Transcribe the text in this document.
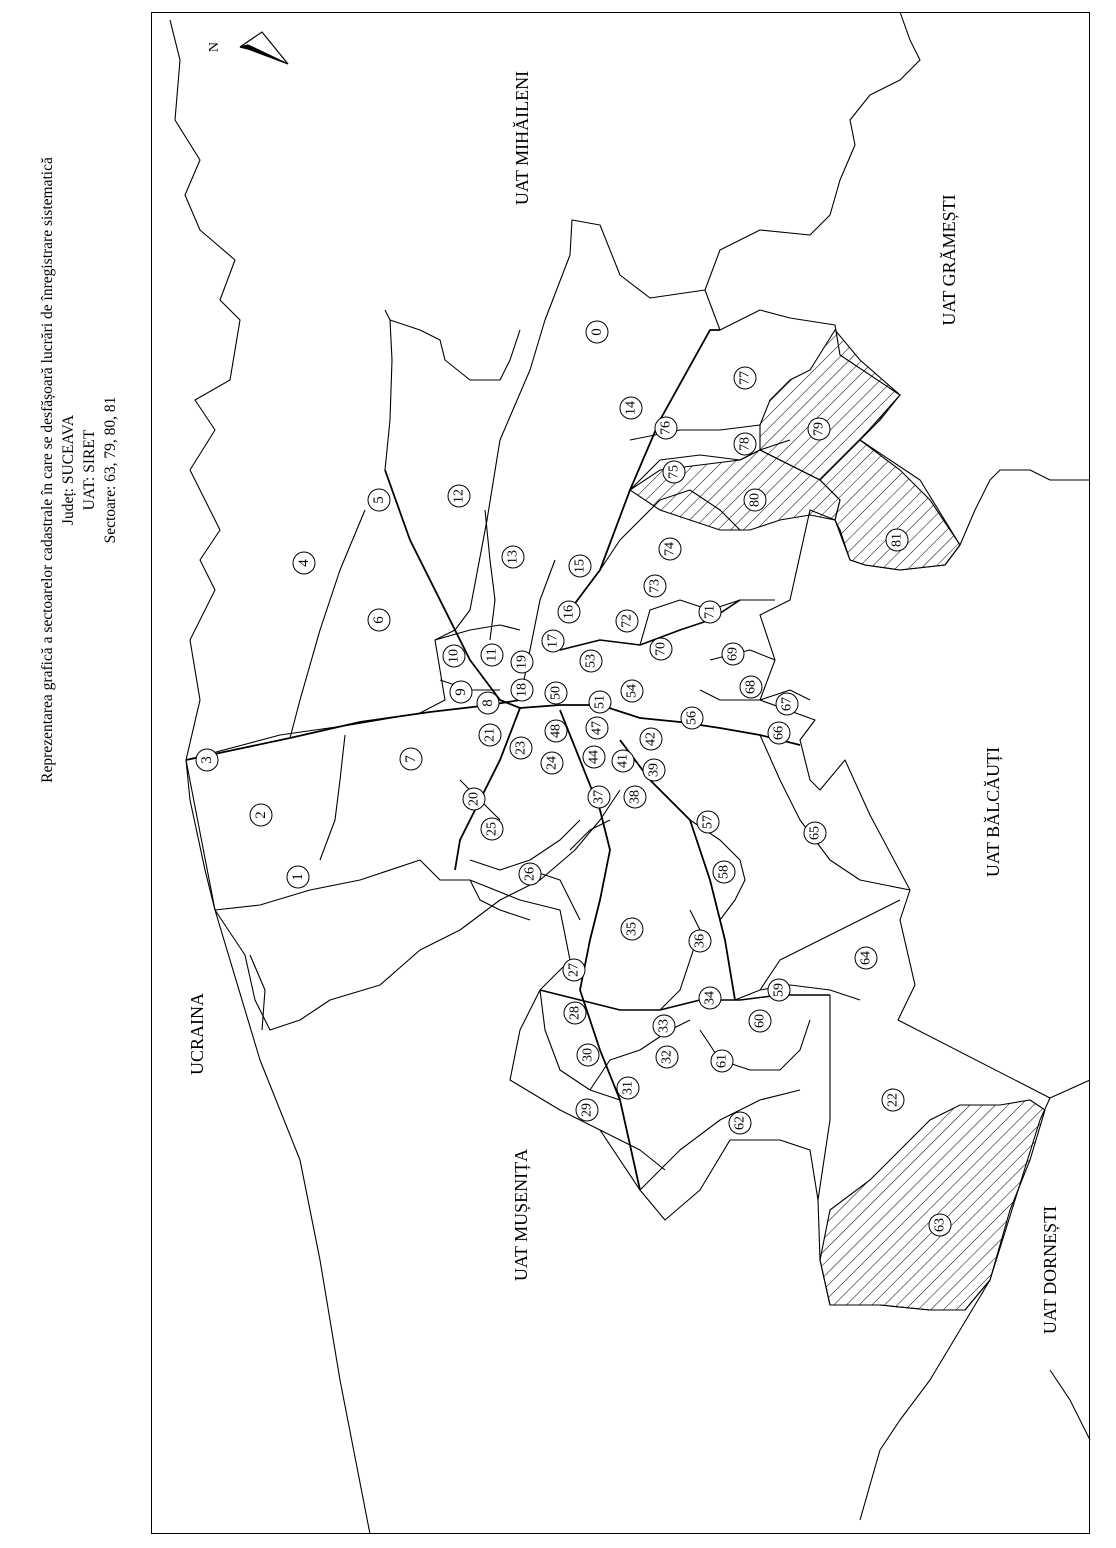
Reprezentarea grafică a sectoarelor cadastrale în care se desfășoară lucrări de înregistrare sistematică Județ: SUCEAVA UAT: SIRET Sectoare: 63, 79, 80, 81
N
UCRAINA
UAT MIHĂILENI
UAT GRĂMEȘTI
UAT BĂLCĂUȚI
UAT MUȘENIȚA	UAT DORNEȘTI
0
1
2
3
4
5
6
7
8
9
10 11
12
13
14
15
16
17
18
19
20
21
22
23
24
25
26
27
28
29
30
31
32
33
34
35
36
37 38
39
41
42
44
47
48
50
51
53
54
56
57
58
59
60
61
62
63
64
65
66
67
68
69
70
71
72
73
74
75
76
77
78
79
80
81
